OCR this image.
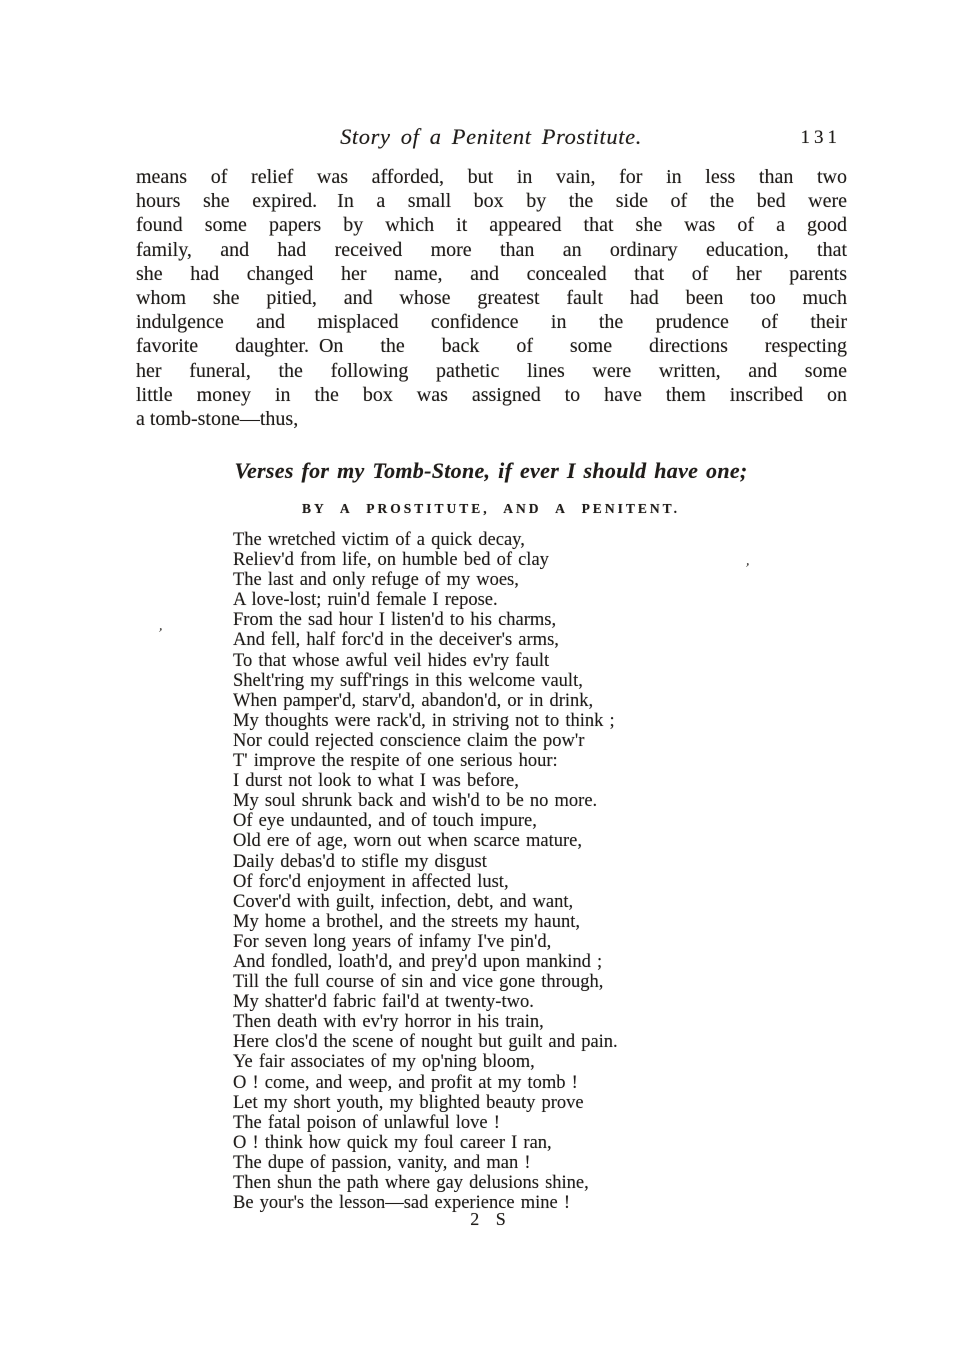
Story of a Penitent Prostitute.	131
means of relief was afforded, but in vain, for in less than two
hours she expired.  In a small box by the side of the bed were
found some papers by which it appeared that she was of a good
family, and had received more than an ordinary education, that
she had changed her name, and concealed that of her parents
whom she pitied, and whose greatest fault had been too much
indulgence and misplaced confidence in the prudence of their
favorite daughter. On the back of some directions respecting
her funeral, the following pathetic lines were written, and some
little money in the box was assigned to have them inscribed on
a tomb-stone—thus,
Verses for my Tomb-Stone, if ever I should have one;
BY A PROSTITUTE, AND A PENITENT.
The wretched victim of a quick decay,
Reliev'd from life, on humble bed of clay
The last and only refuge of my woes,
A love-lost; ruin'd female I repose.
From the sad hour I listen'd to his charms,
And fell, half forc'd in the deceiver's arms,
To that whose awful veil hides ev'ry fault
Shelt'ring my suff'rings in this welcome vault,
When pamper'd, starv'd, abandon'd, or in drink,
My thoughts were rack'd, in striving not to think ;
Nor could rejected conscience claim the pow'r
T' improve the respite of one serious hour:
I durst not look to what I was before,
My soul shrunk back and wish'd to be no more.
Of eye undaunted, and of touch impure,
Old ere of age, worn out when scarce mature,
Daily debas'd to stifle my disgust
Of forc'd enjoyment in affected lust,
Cover'd with guilt, infection, debt, and want,
My home a brothel, and the streets my haunt,
For seven long years of infamy I've pin'd,
And fondled, loath'd, and prey'd upon mankind ;
Till the full course of sin and vice gone through,
My shatter'd fabric fail'd at twenty-two.
Then death with ev'ry horror in his train,
Here clos'd the scene of nought but guilt and pain.
Ye fair associates of my op'ning bloom,
O ! come, and weep, and profit at my tomb !
Let my short youth, my blighted beauty prove
The fatal poison of unlawful love !
O ! think how quick my foul career I ran,
The dupe of passion, vanity, and man !
Then shun the path where gay delusions shine,
Be your's the lesson—sad experience mine !
2 S
’
’
